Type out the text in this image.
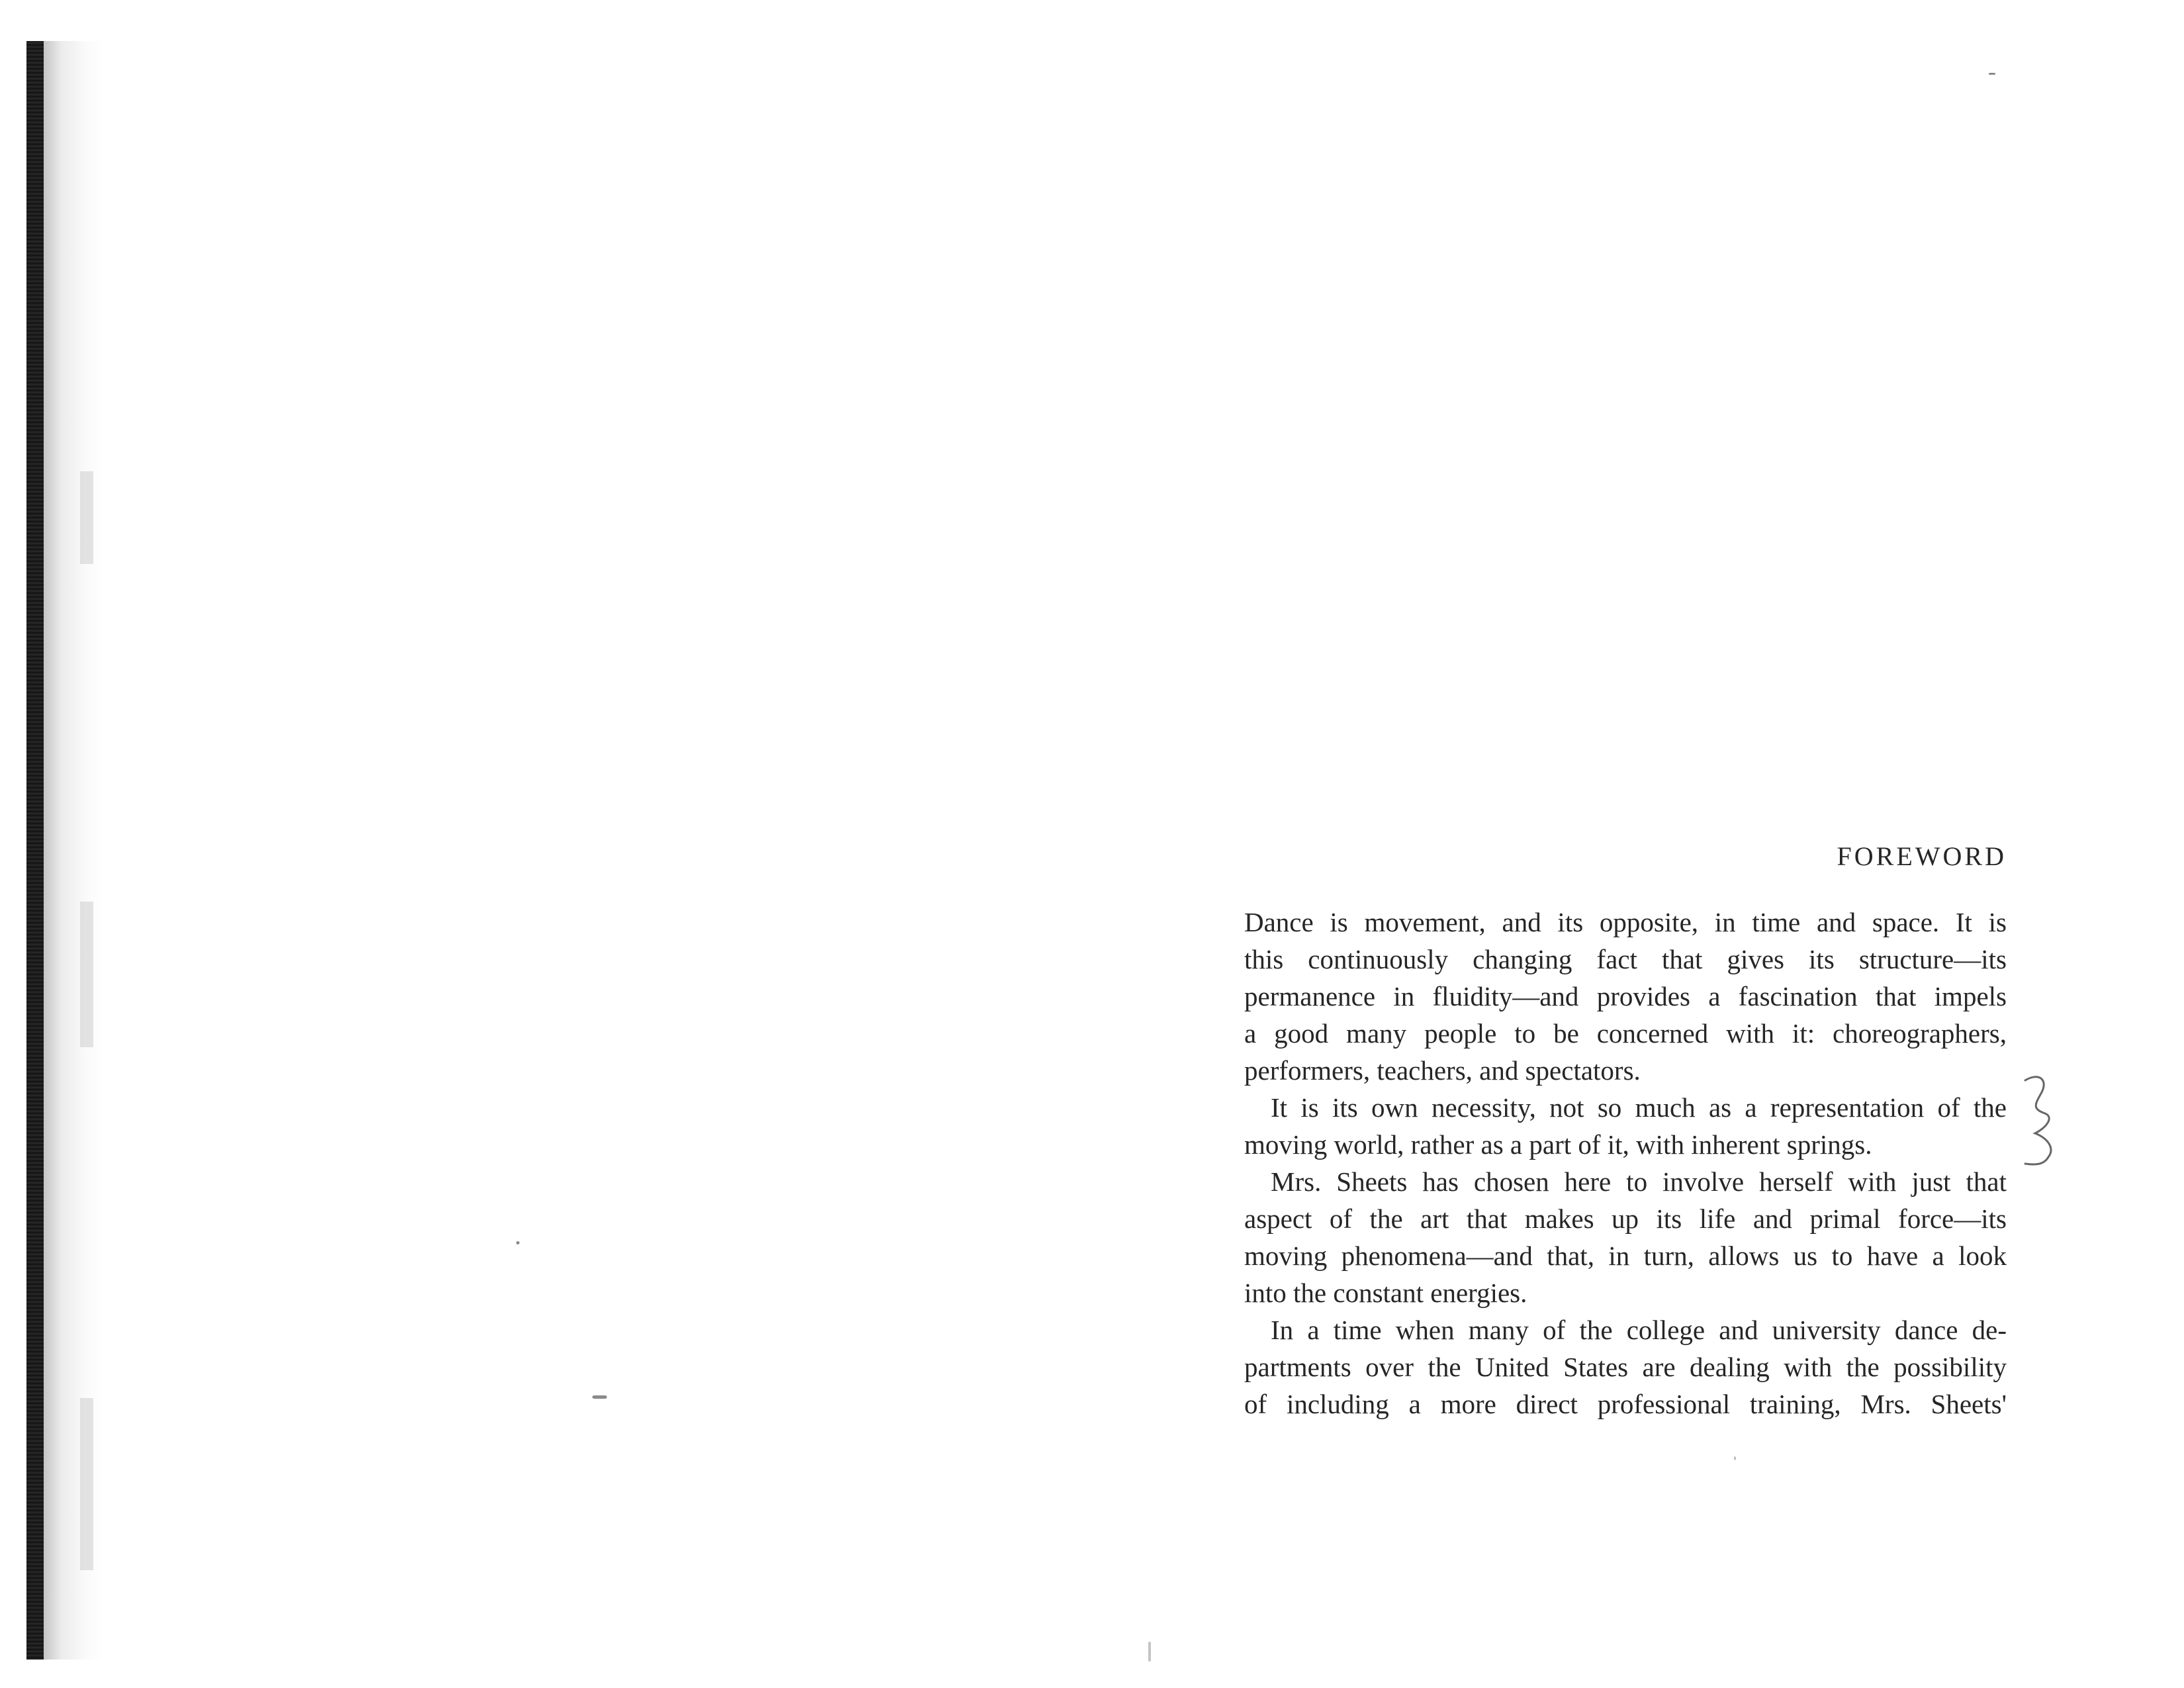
FOREWORD

Dance is movement, and its opposite, in time and space. It is
this continuously changing fact that gives its structure—its
permanence in fluidity—and provides a fascination that impels
a good many people to be concerned with it: choreographers,
performers, teachers, and spectators.
It is its own necessity, not so much as a representation of the
moving world, rather as a part of it, with inherent springs.
Mrs. Sheets has chosen here to involve herself with just that
aspect of the art that makes up its life and primal force—its
moving phenomena—and that, in turn, allows us to have a look
into the constant energies.
In a time when many of the college and university dance de-
partments over the United States are dealing with the possibility
of including a more direct professional training, Mrs. Sheets'
